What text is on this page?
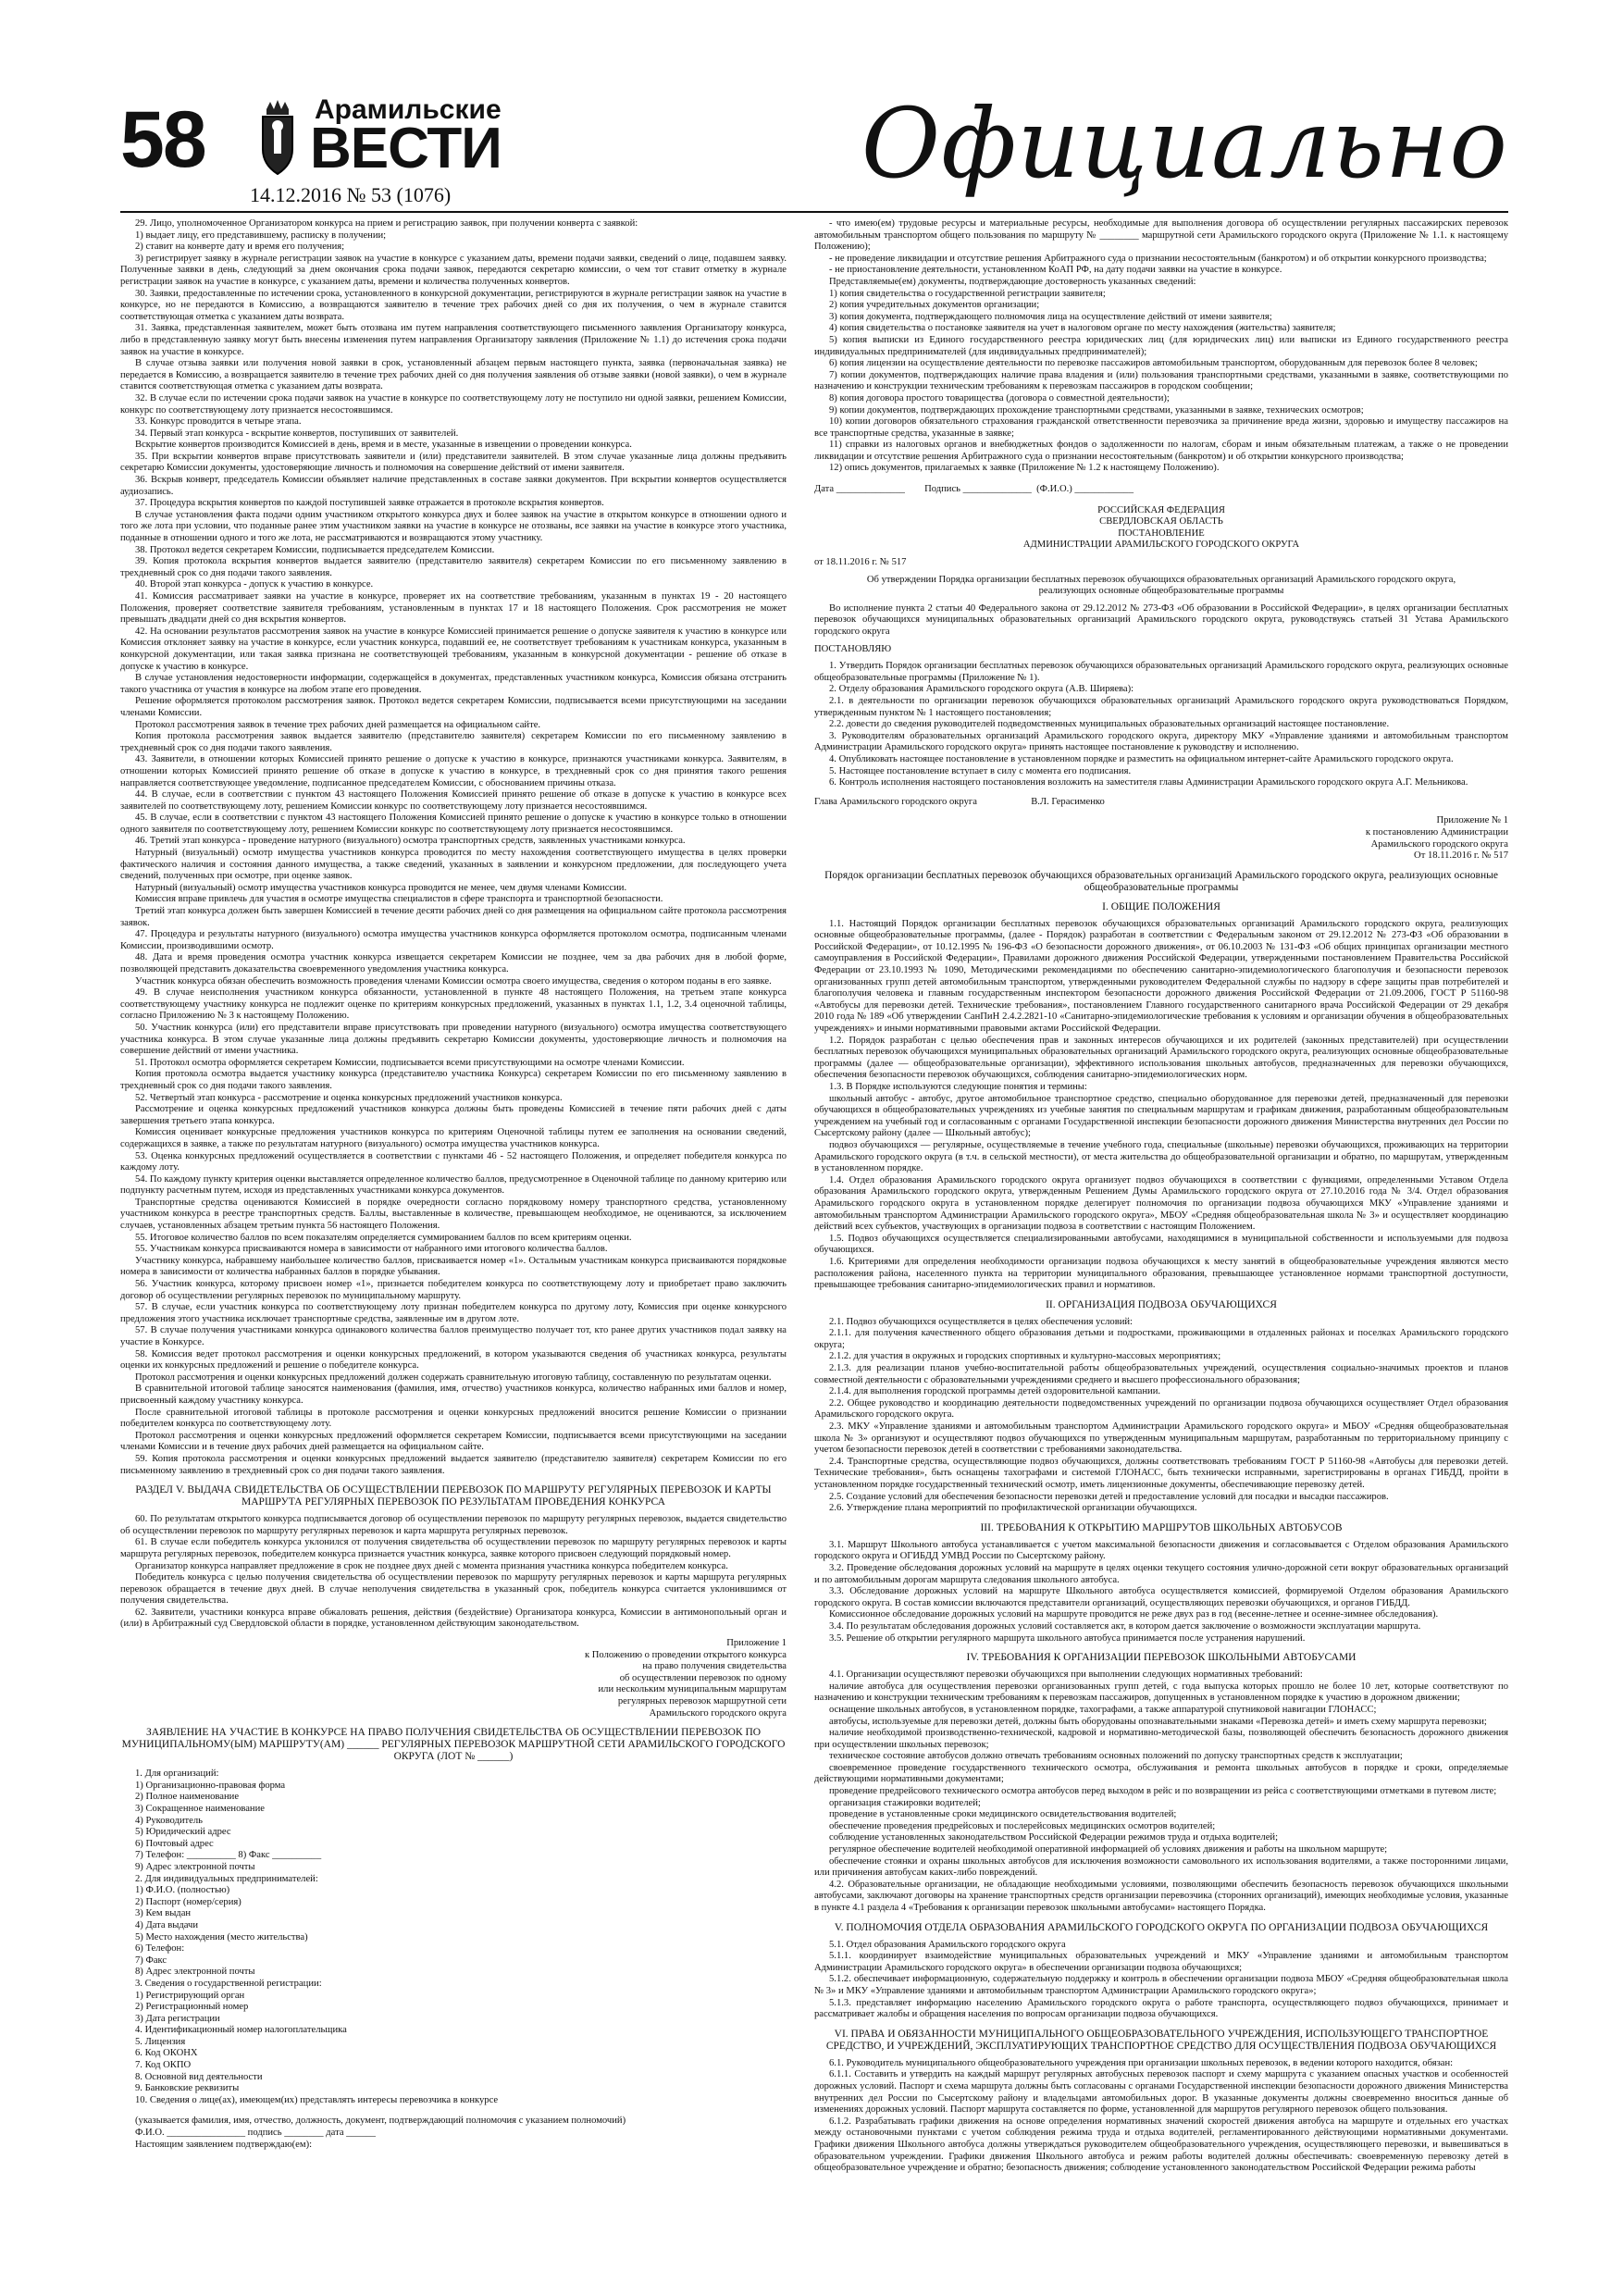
58	Арамильские
ВЕСТИ
14.12.2016 № 53 (1076)	Официально

29. Лицо, уполномоченное Организатором конкурса на прием и регистрацию заявок, при получении конверта с заявкой:

1) выдает лицу, его представившему, расписку в получении;

2) ставит на конверте дату и время его получения;

3) регистрирует заявку в журнале регистрации заявок на участие в конкурсе с указанием даты, времени подачи заявки, сведений о лице, подавшем заявку. Полученные заявки в день, следующий за днем окончания срока подачи заявок, передаются секретарю комиссии, о чем тот ставит отметку в журнале регистрации заявок на участие в конкурсе, с указанием даты, времени и количества полученных конвертов.

30. Заявки, предоставленные по истечении срока, установленного в конкурсной документации, регистрируются в журнале регистрации заявок на участие в конкурсе, но не передаются в Комиссию, а возвращаются заявителю в течение трех рабочих дней со дня их получения, о чем в журнале ставится соответствующая отметка с указанием даты возврата.

31. Заявка, представленная заявителем, может быть отозвана им путем направления соответствующего письменного заявления Организатору конкурса, либо в представленную заявку могут быть внесены изменения путем направления Организатору заявления (Приложение № 1.1) до истечения срока подачи заявок на участие в конкурсе.

В случае отзыва заявки или получения новой заявки в срок, установленный абзацем первым настоящего пункта, заявка (первоначальная заявка) не передается в Комиссию, а возвращается заявителю в течение трех рабочих дней со дня получения заявления об отзыве заявки (новой заявки), о чем в журнале ставится соответствующая отметка с указанием даты возврата.

32. В случае если по истечении срока подачи заявок на участие в конкурсе по соответствующему лоту не поступило ни одной заявки, решением Комиссии, конкурс по соответствующему лоту признается несостоявшимся.

33. Конкурс проводится в четыре этапа.

34. Первый этап конкурса - вскрытие конвертов, поступивших от заявителей.

Вскрытие конвертов производится Комиссией в день, время и в месте, указанные в извещении о проведении конкурса.

35. При вскрытии конвертов вправе присутствовать заявители и (или) представители заявителей. В этом случае указанные лица должны предъявить секретарю Комиссии документы, удостоверяющие личность и полномочия на совершение действий от имени заявителя.

36. Вскрыв конверт, председатель Комиссии объявляет наличие представленных в составе заявки документов. При вскрытии конвертов осуществляется аудиозапись.

37. Процедура вскрытия конвертов по каждой поступившей заявке отражается в протоколе вскрытия конвертов.

В случае установления факта подачи одним участником открытого конкурса двух и более заявок на участие в открытом конкурсе в отношении одного и того же лота при условии, что поданные ранее этим участником заявки на участие в конкурсе не отозваны, все заявки на участие в конкурсе этого участника, поданные в отношении одного и того же лота, не рассматриваются и возвращаются этому участнику.

38. Протокол ведется секретарем Комиссии, подписывается председателем Комиссии.

39. Копия протокола вскрытия конвертов выдается заявителю (представителю заявителя) секретарем Комиссии по его письменному заявлению в трехдневный срок со дня подачи такого заявления.

40. Второй этап конкурса - допуск к участию в конкурсе.

41. Комиссия рассматривает заявки на участие в конкурсе, проверяет их на соответствие требованиям, указанным в пунктах 19 - 20 настоящего Положения, проверяет соответствие заявителя требованиям, установленным в пунктах 17 и 18 настоящего Положения. Срок рассмотрения не может превышать двадцати дней со дня вскрытия конвертов.

42. На основании результатов рассмотрения заявок на участие в конкурсе Комиссией принимается решение о допуске заявителя к участию в конкурсе или Комиссия отклоняет заявку на участие в конкурсе, если участник конкурса, подавший ее, не соответствует требованиям к участникам конкурса, указанным в конкурсной документации, или такая заявка признана не соответствующей требованиям, указанным в конкурсной документации - решение об отказе в допуске к участию в конкурсе.

В случае установления недостоверности информации, содержащейся в документах, представленных участником конкурса, Комиссия обязана отстранить такого участника от участия в конкурсе на любом этапе его проведения.

Решение оформляется протоколом рассмотрения заявок. Протокол ведется секретарем Комиссии, подписывается всеми присутствующими на заседании членами Комиссии.

Протокол рассмотрения заявок в течение трех рабочих дней размещается на официальном сайте.

Копия протокола рассмотрения заявок выдается заявителю (представителю заявителя) секретарем Комиссии по его письменному заявлению в трехдневный срок со дня подачи такого заявления.

43. Заявители, в отношении которых Комиссией принято решение о допуске к участию в конкурсе, признаются участниками конкурса. Заявителям, в отношении которых Комиссией принято решение об отказе в допуске к участию в конкурсе, в трехдневный срок со дня принятия такого решения направляется соответствующее уведомление, подписанное председателем Комиссии, с обоснованием причины отказа.

44. В случае, если в соответствии с пунктом 43 настоящего Положения Комиссией принято решение об отказе в допуске к участию в конкурсе всех заявителей по соответствующему лоту, решением Комиссии конкурс по соответствующему лоту признается несостоявшимся.

45. В случае, если в соответствии с пунктом 43 настоящего Положения Комиссией принято решение о допуске к участию в конкурсе только в отношении одного заявителя по соответствующему лоту, решением Комиссии конкурс по соответствующему лоту признается несостоявшимся.

46. Третий этап конкурса - проведение натурного (визуального) осмотра транспортных средств, заявленных участниками конкурса.

Натурный (визуальный) осмотр имущества участников конкурса проводится по месту нахождения соответствующего имущества в целях проверки фактического наличия и состояния данного имущества, а также сведений, указанных в заявлении и конкурсном предложении, для последующего учета сведений, полученных при осмотре, при оценке заявок.

Натурный (визуальный) осмотр имущества участников конкурса проводится не менее, чем двумя членами Комиссии.

Комиссия вправе привлечь для участия в осмотре имущества специалистов в сфере транспорта и транспортной безопасности.

Третий этап конкурса должен быть завершен Комиссией в течение десяти рабочих дней со дня размещения на официальном сайте протокола рассмотрения заявок.

47. Процедура и результаты натурного (визуального) осмотра имущества участников конкурса оформляется протоколом осмотра, подписанным членами Комиссии, производившими осмотр.

48. Дата и время проведения осмотра участник конкурса извещается секретарем Комиссии не позднее, чем за два рабочих дня в любой форме, позволяющей представить доказательства своевременного уведомления участника конкурса.

Участник конкурса обязан обеспечить возможность проведения членами Комиссии осмотра своего имущества, сведения о котором поданы в его заявке.

49. В случае неисполнения участником конкурса обязанности, установленной в пункте 48 настоящего Положения, на третьем этапе конкурса соответствующему участнику конкурса не подлежит оценке по критериям конкурсных предложений, указанных в пунктах 1.1, 1.2, 3.4 оценочной таблицы, согласно Приложению № 3 к настоящему Положению.

50. Участник конкурса (или) его представители вправе присутствовать при проведении натурного (визуального) осмотра имущества соответствующего участника конкурса. В этом случае указанные лица должны предъявить секретарю Комиссии документы, удостоверяющие личность и полномочия на совершение действий от имени участника.

51. Протокол осмотра оформляется секретарем Комиссии, подписывается всеми присутствующими на осмотре членами Комиссии.

Копия протокола осмотра выдается участнику конкурса (представителю участника Конкурса) секретарем Комиссии по его письменному заявлению в трехдневный срок со дня подачи такого заявления.

52. Четвертый этап конкурса - рассмотрение и оценка конкурсных предложений участников конкурса.

Рассмотрение и оценка конкурсных предложений участников конкурса должны быть проведены Комиссией в течение пяти рабочих дней с даты завершения третьего этапа конкурса.

Комиссия оценивает конкурсные предложения участников конкурса по критериям Оценочной таблицы путем ее заполнения на основании сведений, содержащихся в заявке, а также по результатам натурного (визуального) осмотра имущества участников конкурса.

53. Оценка конкурсных предложений осуществляется в соответствии с пунктами 46 - 52 настоящего Положения, и определяет победителя конкурса по каждому лоту.

54. По каждому пункту критерия оценки выставляется определенное количество баллов, предусмотренное в Оценочной таблице по данному критерию или подпункту расчетным путем, исходя из представленных участниками конкурса документов.

Транспортные средства оцениваются Комиссией в порядке очередности согласно порядковому номеру транспортного средства, установленному участником конкурса в реестре транспортных средств. Баллы, выставленные в количестве, превышающем необходимое, не оцениваются, за исключением случаев, установленных абзацем третьим пункта 56 настоящего Положения.

55. Итоговое количество баллов по всем показателям определяется суммированием баллов по всем критериям оценки.

55. Участникам конкурса присваиваются номера в зависимости от набранного ими итогового количества баллов.

Участнику конкурса, набравшему наибольшее количество баллов, присваивается номер «1». Остальным участникам конкурса присваиваются порядковые номера в зависимости от количества набранных баллов в порядке убывания.

56. Участник конкурса, которому присвоен номер «1», признается победителем конкурса по соответствующему лоту и приобретает право заключить договор об осуществлении регулярных перевозок по муниципальному маршруту.

57. В случае, если участник конкурса по соответствующему лоту признан победителем конкурса по другому лоту, Комиссия при оценке конкурсного предложения этого участника исключает транспортные средства, заявленные им в другом лоте.

57. В случае получения участниками конкурса одинакового количества баллов преимущество получает тот, кто ранее других участников подал заявку на участие в Конкурсе.

58. Комиссия ведет протокол рассмотрения и оценки конкурсных предложений, в котором указываются сведения об участниках конкурса, результаты оценки их конкурсных предложений и решение о победителе конкурса.

Протокол рассмотрения и оценки конкурсных предложений должен содержать сравнительную итоговую таблицу, составленную по результатам оценки.

В сравнительной итоговой таблице заносятся наименования (фамилия, имя, отчество) участников конкурса, количество набранных ими баллов и номер, присвоенный каждому участнику конкурса.

После сравнительной итоговой таблицы в протоколе рассмотрения и оценки конкурсных предложений вносится решение Комиссии о признании победителем конкурса по соответствующему лоту.

Протокол рассмотрения и оценки конкурсных предложений оформляется секретарем Комиссии, подписывается всеми присутствующими на заседании членами Комиссии и в течение двух рабочих дней размещается на официальном сайте.

59. Копия протокола рассмотрения и оценки конкурсных предложений выдается заявителю (представителю заявителя) секретарем Комиссии по его письменному заявлению в трехдневный срок со дня подачи такого заявления.

РАЗДЕЛ V. ВЫДАЧА СВИДЕТЕЛЬСТВА ОБ ОСУЩЕСТВЛЕНИИ ПЕРЕВОЗОК ПО МАРШРУТУ РЕГУЛЯРНЫХ ПЕРЕВОЗОК И КАРТЫ МАРШРУТА РЕГУЛЯРНЫХ ПЕРЕВОЗОК ПО РЕЗУЛЬТАТАМ ПРОВЕДЕНИЯ КОНКУРСА

60. По результатам открытого конкурса подписывается договор об осуществлении перевозок по маршруту регулярных перевозок, выдается свидетельство об осуществлении перевозок по маршруту регулярных перевозок и карта маршрута регулярных перевозок.

61. В случае если победитель конкурса уклонился от получения свидетельства об осуществлении перевозок по маршруту регулярных перевозок и карты маршрута регулярных перевозок, победителем конкурса признается участник конкурса, заявке которого присвоен следующий порядковый номер.

Организатор конкурса направляет предложение в срок не позднее двух дней с момента признания участника конкурса победителем конкурса.

Победитель конкурса с целью получения свидетельства об осуществлении перевозок по маршруту регулярных перевозок и карты маршрута регулярных перевозок обращается в течение двух дней. В случае неполучения свидетельства в указанный срок, победитель конкурса считается уклонившимся от получения свидетельства.

62. Заявители, участники конкурса вправе обжаловать решения, действия (бездействие) Организатора конкурса, Комиссии в антимонопольный орган и (или) в Арбитражный суд Свердловской области в порядке, установленном действующим законодательством.

Приложение 1
к Положению о проведении открытого конкурса
на право получения свидетельства
об осуществлении перевозок по одному
или нескольким муниципальным маршрутам
регулярных перевозок маршрутной сети
Арамильского городского округа
ЗАЯВЛЕНИЕ НА УЧАСТИЕ В КОНКУРСЕ НА ПРАВО ПОЛУЧЕНИЯ СВИДЕТЕЛЬСТВА ОБ ОСУЩЕСТВЛЕНИИ ПЕРЕВОЗОК ПО МУНИЦИПАЛЬНОМУ(ЫМ) МАРШРУТУ(АМ) ______ РЕГУЛЯРНЫХ ПЕРЕВОЗОК МАРШРУТНОЙ СЕТИ АРАМИЛЬСКОГО ГОРОДСКОГО ОКРУГА (ЛОТ № ______)

1. Для организаций:

1) Организационно-правовая форма

2) Полное наименование

3) Сокращенное наименование

4) Руководитель

5) Юридический адрес

6) Почтовый адрес

7) Телефон: __________ 8) Факс __________

9) Адрес электронной почты

2. Для индивидуальных предпринимателей:

1) Ф.И.О. (полностью)

2) Паспорт (номер/серия)

3) Кем выдан

4) Дата выдачи

5) Место нахождения (место жительства)

6) Телефон:

7) Факс

8) Адрес электронной почты

3. Сведения о государственной регистрации:

1) Регистрирующий орган

2) Регистрационный номер

3) Дата регистрации

4. Идентификационный номер налогоплательщика

5. Лицензия

6. Код ОКОНХ

7. Код ОКПО

8. Основной вид деятельности

9. Банковские реквизиты

10. Сведения о лице(ах), имеющем(их) представлять интересы перевозчика в конкурсе

(указывается фамилия, имя, отчество, должность, документ, подтверждающий полномочия с указанием полномочий)

Ф.И.О. ________________ подпись ________ дата ______

Настоящим заявлением подтверждаю(ем):

- что имею(ем) трудовые ресурсы и материальные ресурсы, необходимые для выполнения договора об осуществлении регулярных пассажирских перевозок автомобильным транспортом общего пользования по маршруту № ________ маршрутной сети Арамильского городского округа (Приложение № 1.1. к настоящему Положению);

- не проведение ликвидации и отсутствие решения Арбитражного суда о признании несостоятельным (банкротом) и об открытии конкурсного производства;

- не приостановление деятельности, установленном КоАП РФ, на дату подачи заявки на участие в конкурсе.

Представляемые(ем) документы, подтверждающие достоверность указанных сведений:

1) копия свидетельства о государственной регистрации заявителя;

2) копия учредительных документов организации;

3) копия документа, подтверждающего полномочия лица на осуществление действий от имени заявителя;

4) копия свидетельства о постановке заявителя на учет в налоговом органе по месту нахождения (жительства) заявителя;

5) копия выписки из Единого государственного реестра юридических лиц (для юридических лиц) или выписки из Единого государственного реестра индивидуальных предпринимателей (для индивидуальных предпринимателей);

6) копия лицензии на осуществление деятельности по перевозке пассажиров автомобильным транспортом, оборудованным для перевозок более 8 человек;

7) копии документов, подтверждающих наличие права владения и (или) пользования транспортными средствами, указанными в заявке, соответствующими по назначению и конструкции техническим требованиям к перевозкам пассажиров в городском сообщении;

8) копия договора простого товарищества (договора о совместной деятельности);

9) копии документов, подтверждающих прохождение транспортными средствами, указанными в заявке, технических осмотров;

10) копии договоров обязательного страхования гражданской ответственности перевозчика за причинение вреда жизни, здоровью и имуществу пассажиров на все транспортные средства, указанные в заявке;

11) справки из налоговых органов и внебюджетных фондов о задолженности по налогам, сборам и иным обязательным платежам, а также о не проведении ликвидации и отсутствие решения Арбитражного суда о признании несостоятельным (банкротом) и об открытии конкурсного производства;

12) опись документов, прилагаемых к заявке (Приложение № 1.2 к настоящему Положению).

Дата ______________        Подпись ______________  (Ф.И.О.) ____________

РОССИЙСКАЯ ФЕДЕРАЦИЯ

СВЕРДЛОВСКАЯ ОБЛАСТЬ

ПОСТАНОВЛЕНИЕ

АДМИНИСТРАЦИИ АРАМИЛЬСКОГО ГОРОДСКОГО ОКРУГА

от 18.11.2016 г. № 517

Об утверждении Порядка организации бесплатных перевозок обучающихся образовательных организаций Арамильского городского округа, реализующих основные общеобразовательные программы

Во исполнение пункта 2 статьи 40 Федерального закона от 29.12.2012 № 273-ФЗ «Об образовании в Российской Федерации», в целях организации бесплатных перевозок обучающихся муниципальных образовательных организаций Арамильского городского округа, руководствуясь статьей 31 Устава Арамильского городского округа

ПОСТАНОВЛЯЮ

1. Утвердить Порядок организации бесплатных перевозок обучающихся образовательных организаций Арамильского городского округа, реализующих основные общеобразовательные программы (Приложение № 1).

2. Отделу образования Арамильского городского округа (А.В. Ширяева):

2.1. в деятельности по организации перевозок обучающихся образовательных организаций Арамильского городского округа руководствоваться Порядком, утвержденным пунктом № 1 настоящего постановления;

2.2. довести до сведения руководителей подведомственных муниципальных образовательных организаций настоящее постановление.

3. Руководителям образовательных организаций Арамильского городского округа, директору МКУ «Управление зданиями и автомобильным транспортом Администрации Арамильского городского округа» принять настоящее постановление к руководству и исполнению.

4. Опубликовать настоящее постановление в установленном порядке и разместить на официальном интернет-сайте Арамильского городского округа.

5. Настоящее постановление вступает в силу с момента его подписания.

6. Контроль исполнения настоящего постановления возложить на заместителя главы Администрации Арамильского городского округа А.Г. Мельникова.

Глава Арамильского городского округа                      В.Л. Герасименко

Приложение № 1
к постановлению Администрации
Арамильского городского округа
От 18.11.2016 г. № 517
Порядок организации бесплатных перевозок обучающихся образовательных организаций Арамильского городского округа, реализующих основные общеобразовательные программы
I. ОБЩИЕ ПОЛОЖЕНИЯ

1.1. Настоящий Порядок организации бесплатных перевозок обучающихся образовательных организаций Арамильского городского округа, реализующих основные общеобразовательные программы, (далее - Порядок) разработан в соответствии с Федеральным законом от 29.12.2012 № 273-ФЗ «Об образовании в Российской Федерации», от 10.12.1995 № 196-ФЗ «О безопасности дорожного движения», от 06.10.2003 № 131-ФЗ «Об общих принципах организации местного самоуправления в Российской Федерации», Правилами дорожного движения Российской Федерации, утвержденными постановлением Правительства Российской Федерации от 23.10.1993 № 1090, Методическими рекомендациями по обеспечению санитарно-эпидемиологического благополучия и безопасности перевозок организованных групп детей автомобильным транспортом, утвержденными руководителем Федеральной службы по надзору в сфере защиты прав потребителей и благополучия человека и главным государственным инспектором безопасности дорожного движения Российской Федерации от 21.09.2006, ГОСТ Р 51160-98 «Автобусы для перевозки детей. Технические требования», постановлением Главного государственного санитарного врача Российской Федерации от 29 декабря 2010 года № 189 «Об утверждении СанПиН 2.4.2.2821-10 «Санитарно-эпидемиологические требования к условиям и организации обучения в общеобразовательных учреждениях» и иными нормативными правовыми актами Российской Федерации.

1.2. Порядок разработан с целью обеспечения прав и законных интересов обучающихся и их родителей (законных представителей) при осуществлении бесплатных перевозок обучающихся муниципальных образовательных организаций Арамильского городского округа, реализующих основные общеобразовательные программы (далее — общеобразовательные организации), эффективного использования школьных автобусов, предназначенных для перевозки обучающихся, обеспечения безопасности перевозок обучающихся, соблюдения санитарно-эпидемиологических норм.

1.3. В Порядке используются следующие понятия и термины:

школьный автобус - автобус, другое автомобильное транспортное средство, специально оборудованное для перевозки детей, предназначенный для перевозки обучающихся в общеобразовательных учреждениях из учебные занятия по специальным маршрутам и графикам движения, разработанным общеобразовательным учреждением на учебный год и согласованным с органами Государственной инспекции безопасности дорожного движения Министерства внутренних дел России по Сысертскому району (далее — Школьный автобус);

подвоз обучающихся — регулярные, осуществляемые в течение учебного года, специальные (школьные) перевозки обучающихся, проживающих на территории Арамильского городского округа (в т.ч. в сельской местности), от места жительства до общеобразовательной организации и обратно, по маршрутам, утвержденным в установленном порядке.

1.4. Отдел образования Арамильского городского округа организует подвоз обучающихся в соответствии с функциями, определенными Уставом Отдела образования Арамильского городского округа, утвержденным Решением Думы Арамильского городского округа от 27.10.2016 года № 3/4. Отдел образования Арамильского городского округа в установленном порядке делегирует полномочия по организации подвоза обучающихся МКУ «Управление зданиями и автомобильным транспортом Администрации Арамильского городского округа», МБОУ «Средняя общеобразовательная школа № 3» и осуществляет координацию действий всех субъектов, участвующих в организации подвоза в соответствии с настоящим Положением.

1.5. Подвоз обучающихся осуществляется специализированными автобусами, находящимися в муниципальной собственности и используемыми для подвоза обучающихся.

1.6. Критериями для определения необходимости организации подвоза обучающихся к месту занятий в общеобразовательные учреждения являются место расположения района, населенного пункта на территории муниципального образования, превышающее установленное нормами транспортной доступности, превышающее требования санитарно-эпидемиологических правил и нормативов.

II. ОРГАНИЗАЦИЯ ПОДВОЗА ОБУЧАЮЩИХСЯ

2.1. Подвоз обучающихся осуществляется в целях обеспечения условий:

2.1.1. для получения качественного общего образования детьми и подростками, проживающими в отдаленных районах и поселках Арамильского городского округа;

2.1.2. для участия в окружных и городских спортивных и культурно-массовых мероприятиях;

2.1.3. для реализации планов учебно-воспитательной работы общеобразовательных учреждений, осуществления социально-значимых проектов и планов совместной деятельности с образовательными учреждениями среднего и высшего профессионального образования;

2.1.4. для выполнения городской программы детей оздоровительной кампании.

2.2. Общее руководство и координацию деятельности подведомственных учреждений по организации подвоза обучающихся осуществляет Отдел образования Арамильского городского округа.

2.3. МКУ «Управление зданиями и автомобильным транспортом Администрации Арамильского городского округа» и МБОУ «Средняя общеобразовательная школа № 3» организуют и осуществляют подвоз обучающихся по утвержденным муниципальным маршрутам, разработанным по территориальному принципу с учетом безопасности перевозок детей в соответствии с требованиями законодательства.

2.4. Транспортные средства, осуществляющие подвоз обучающихся, должны соответствовать требованиям ГОСТ Р 51160-98 «Автобусы для перевозки детей. Технические требования», быть оснащены тахографами и системой ГЛОНАСС, быть технически исправными, зарегистрированы в органах ГИБДД, пройти в установленном порядке государственный технический осмотр, иметь лицензионные документы, обеспечивающие перевозку детей.

2.5. Создание условий для обеспечения безопасности перевозки детей и предоставление условий для посадки и высадки пассажиров.

2.6. Утверждение плана мероприятий по профилактической организации обучающихся.

III. ТРЕБОВАНИЯ К ОТКРЫТИЮ МАРШРУТОВ ШКОЛЬНЫХ АВТОБУСОВ

3.1. Маршрут Школьного автобуса устанавливается с учетом максимальной безопасности движения и согласовывается с Отделом образования Арамильского городского округа и ОГИБДД УМВД России по Сысертскому району.

3.2. Проведение обследования дорожных условий на маршруте в целях оценки текущего состояния улично-дорожной сети вокруг образовательных организаций и по автомобильным дорогам маршрута следования школьного автобуса.

3.3. Обследование дорожных условий на маршруте Школьного автобуса осуществляется комиссией, формируемой Отделом образования Арамильского городского округа. В состав комиссии включаются представители организаций, осуществляющих перевозки обучающихся, и органов ГИБДД.

Комиссионное обследование дорожных условий на маршруте проводится не реже двух раз в год (весенне-летнее и осенне-зимнее обследования).

3.4. По результатам обследования дорожных условий составляется акт, в котором дается заключение о возможности эксплуатации маршрута.

3.5. Решение об открытии регулярного маршрута школьного автобуса принимается после устранения нарушений.

IV. ТРЕБОВАНИЯ К ОРГАНИЗАЦИИ ПЕРЕВОЗОК ШКОЛЬНЫМИ АВТОБУСАМИ

4.1. Организации осуществляют перевозки обучающихся при выполнении следующих нормативных требований:

наличие автобуса для осуществления перевозки организованных групп детей, с года выпуска которых прошло не более 10 лет, которые соответствуют по назначению и конструкции техническим требованиям к перевозкам пассажиров, допущенных в установленном порядке к участию в дорожном движении;

оснащение школьных автобусов, в установленном порядке, тахографами, а также аппаратурой спутниковой навигации ГЛОНАСС;

автобусы, используемые для перевозки детей, должны быть оборудованы опознавательными знаками «Перевозка детей» и иметь схему маршрута перевозки;

наличие необходимой производственно-технической, кадровой и нормативно-методической базы, позволяющей обеспечить безопасность дорожного движения при осуществлении школьных перевозок;

техническое состояние автобусов должно отвечать требованиям основных положений по допуску транспортных средств к эксплуатации;

своевременное проведение государственного технического осмотра, обслуживания и ремонта школьных автобусов в порядке и сроки, определяемые действующими нормативными документами;

проведение предрейсового технического осмотра автобусов перед выходом в рейс и по возвращении из рейса с соответствующими отметками в путевом листе;

организация стажировки водителей;

проведение в установленные сроки медицинского освидетельствования водителей;

обеспечение проведения предрейсовых и послерейсовых медицинских осмотров водителей;

соблюдение установленных законодательством Российской Федерации режимов труда и отдыха водителей;

регулярное обеспечение водителей необходимой оперативной информацией об условиях движения и работы на школьном маршруте;

обеспечение стоянки и охраны школьных автобусов для исключения возможности самовольного их использования водителями, а также посторонними лицами, или причинения автобусам каких-либо повреждений.

4.2. Образовательные организации, не обладающие необходимыми условиями, позволяющими обеспечить безопасность перевозок обучающихся школьными автобусами, заключают договоры на хранение транспортных средств организации перевозчика (сторонних организаций), имеющих необходимые условия, указанные в пункте 4.1 раздела 4 «Требования к организации перевозок школьными автобусами» настоящего Порядка.

V. ПОЛНОМОЧИЯ ОТДЕЛА ОБРАЗОВАНИЯ АРАМИЛЬСКОГО ГОРОДСКОГО ОКРУГА ПО ОРГАНИЗАЦИИ ПОДВОЗА ОБУЧАЮЩИХСЯ

5.1. Отдел образования Арамильского городского округа

5.1.1. координирует взаимодействие муниципальных образовательных учреждений и МКУ «Управление зданиями и автомобильным транспортом Администрации Арамильского городского округа» в обеспечении организации подвоза обучающихся;

5.1.2. обеспечивает информационную, содержательную поддержку и контроль в обеспечении организации подвоза МБОУ «Средняя общеобразовательная школа № 3» и МКУ «Управление зданиями и автомобильным транспортом Администрации Арамильского городского округа»;

5.1.3. представляет информацию населению Арамильского городского округа о работе транспорта, осуществляющего подвоз обучающихся, принимает и рассматривает жалобы и обращения населения по вопросам организации подвоза обучающихся.

VI. ПРАВА И ОБЯЗАННОСТИ МУНИЦИПАЛЬНОГО ОБЩЕОБРАЗОВАТЕЛЬНОГО УЧРЕЖДЕНИЯ, ИСПОЛЬЗУЮЩЕГО ТРАНСПОРТНОЕ СРЕДСТВО, И УЧРЕЖДЕНИЙ, ЭКСПЛУАТИРУЮЩИХ ТРАНСПОРТНОЕ СРЕДСТВО ДЛЯ ОСУЩЕСТВЛЕНИЯ ПОДВОЗА ОБУЧАЮЩИХСЯ

6.1. Руководитель муниципального общеобразовательного учреждения при организации школьных перевозок, в ведении которого находится, обязан:

6.1.1. Составить и утвердить на каждый маршрут регулярных автобусных перевозок паспорт и схему маршрута с указанием опасных участков и особенностей дорожных условий. Паспорт и схема маршрута должны быть согласованы с органами Государственной инспекции безопасности дорожного движения Министерства внутренних дел России по Сысертскому району и владельцами автомобильных дорог. В указанные документы должны своевременно вноситься данные об изменениях дорожных условий. Паспорт маршрута составляется по форме, установленной для маршрутов регулярного перевозок общего пользования.

6.1.2. Разрабатывать графики движения на основе определения нормативных значений скоростей движения автобуса на маршруте и отдельных его участках между остановочными пунктами с учетом соблюдения режима труда и отдыха водителей, регламентированного действующими нормативными документами. Графики движения Школьного автобуса должны утверждаться руководителем общеобразовательного учреждения, осуществляющего перевозки, и вывешиваться в образовательном учреждении. Графики движения Школьного автобуса и режим работы водителей должны обеспечивать: своевременную перевозку детей в общеобразовательное учреждение и обратно; безопасность движения; соблюдение установленного законодательством Российской Федерации режима работы
